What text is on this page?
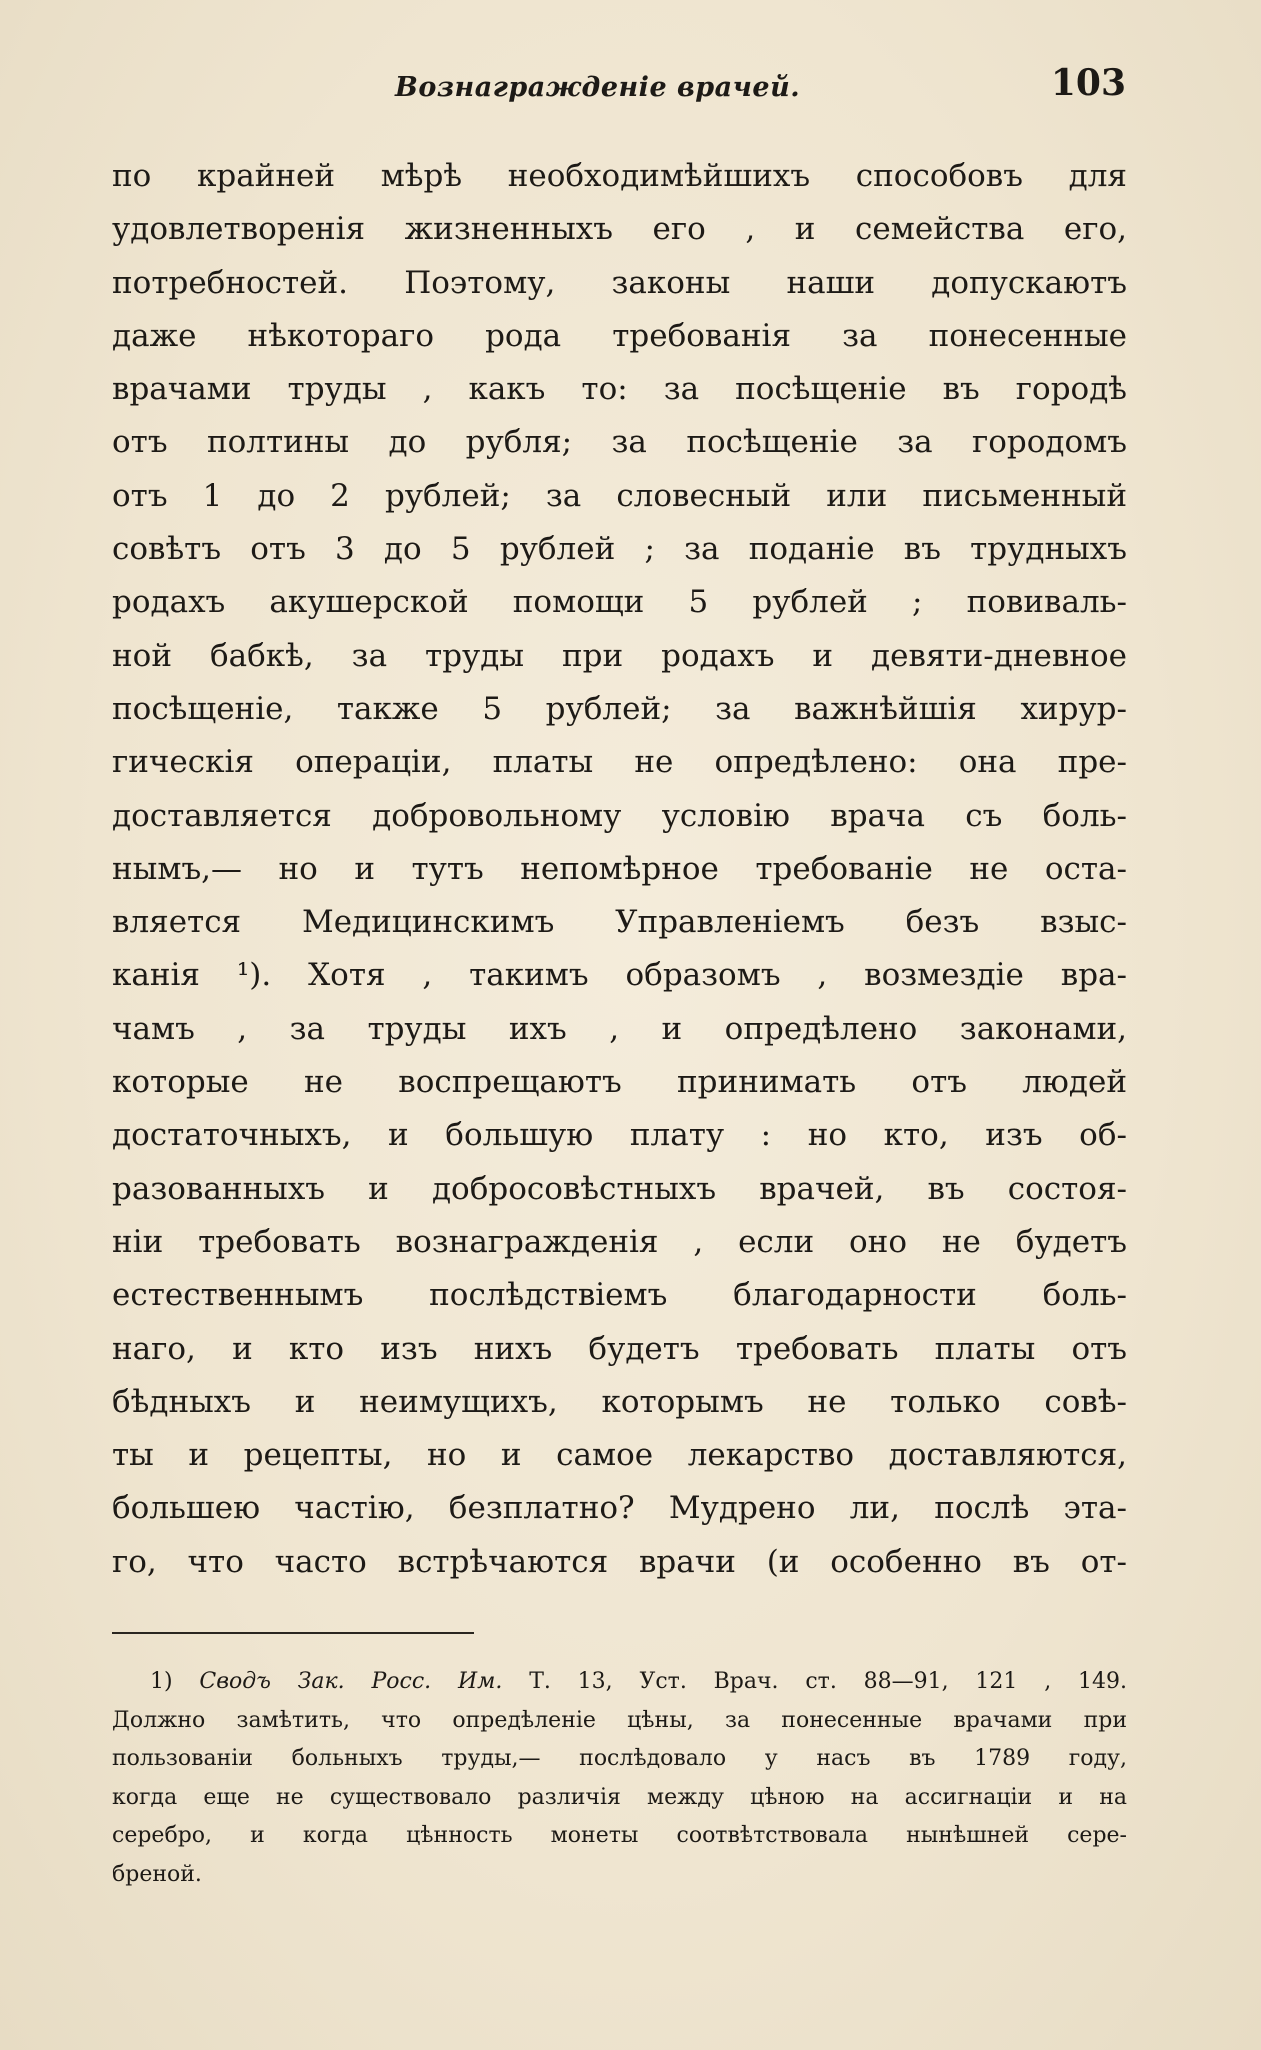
Вознагражденіе врачей.	103
по крайней мѣрѣ необходимѣйшихъ способовъ для
удовлетворенія жизненныхъ его , и семейства его,
потребностей. Поэтому, законы наши допускаютъ
даже нѣкотораго рода требованія за понесенные
врачами труды , какъ то: за посѣщеніе въ городѣ
отъ полтины до рубля; за посѣщеніе за городомъ
отъ 1 до 2 рублей; за словесный или письменный
совѣтъ отъ 3 до 5 рублей ; за поданіе въ трудныхъ
родахъ акушерской помощи 5 рублей ; повиваль-
ной бабкѣ, за труды при родахъ и девяти-дневное
посѣщеніе, также 5 рублей; за важнѣйшія хирур-
гическія операціи, платы не опредѣлено: она пре-
доставляется добровольному условію врача съ боль-
нымъ,— но и тутъ непомѣрное требованіе не оста-
вляется Медицинскимъ Управленіемъ безъ взыс-
канія ¹). Хотя , такимъ образомъ , возмездіе вра-
чамъ , за труды ихъ , и опредѣлено законами,
которые не воспрещаютъ принимать отъ людей
достаточныхъ, и большую плату : но кто, изъ об-
разованныхъ и добросовѣстныхъ врачей, въ состоя-
ніи требовать вознагражденія , если оно не будетъ
естественнымъ послѣдствіемъ благодарности боль-
наго, и кто изъ нихъ будетъ требовать платы отъ
бѣдныхъ и неимущихъ, которымъ не только совѣ-
ты и рецепты, но и самое лекарство доставляются,
большею частію, безплатно? Мудрено ли, послѣ эта-
го, что часто встрѣчаются врачи (и особенно въ от-
1) Сводъ Зак. Росс. Им. Т. 13, Уст. Врач. ст. 88—91, 121 , 149.
Должно замѣтить, что опредѣленіе цѣны, за понесенные врачами при
пользованіи больныхъ труды,— послѣдовало у насъ въ 1789 году,
когда еще не существовало различія между цѣною на ассигнаціи и на
серебро, и когда цѣнность монеты соотвѣтствовала нынѣшней сере-
бреной.
